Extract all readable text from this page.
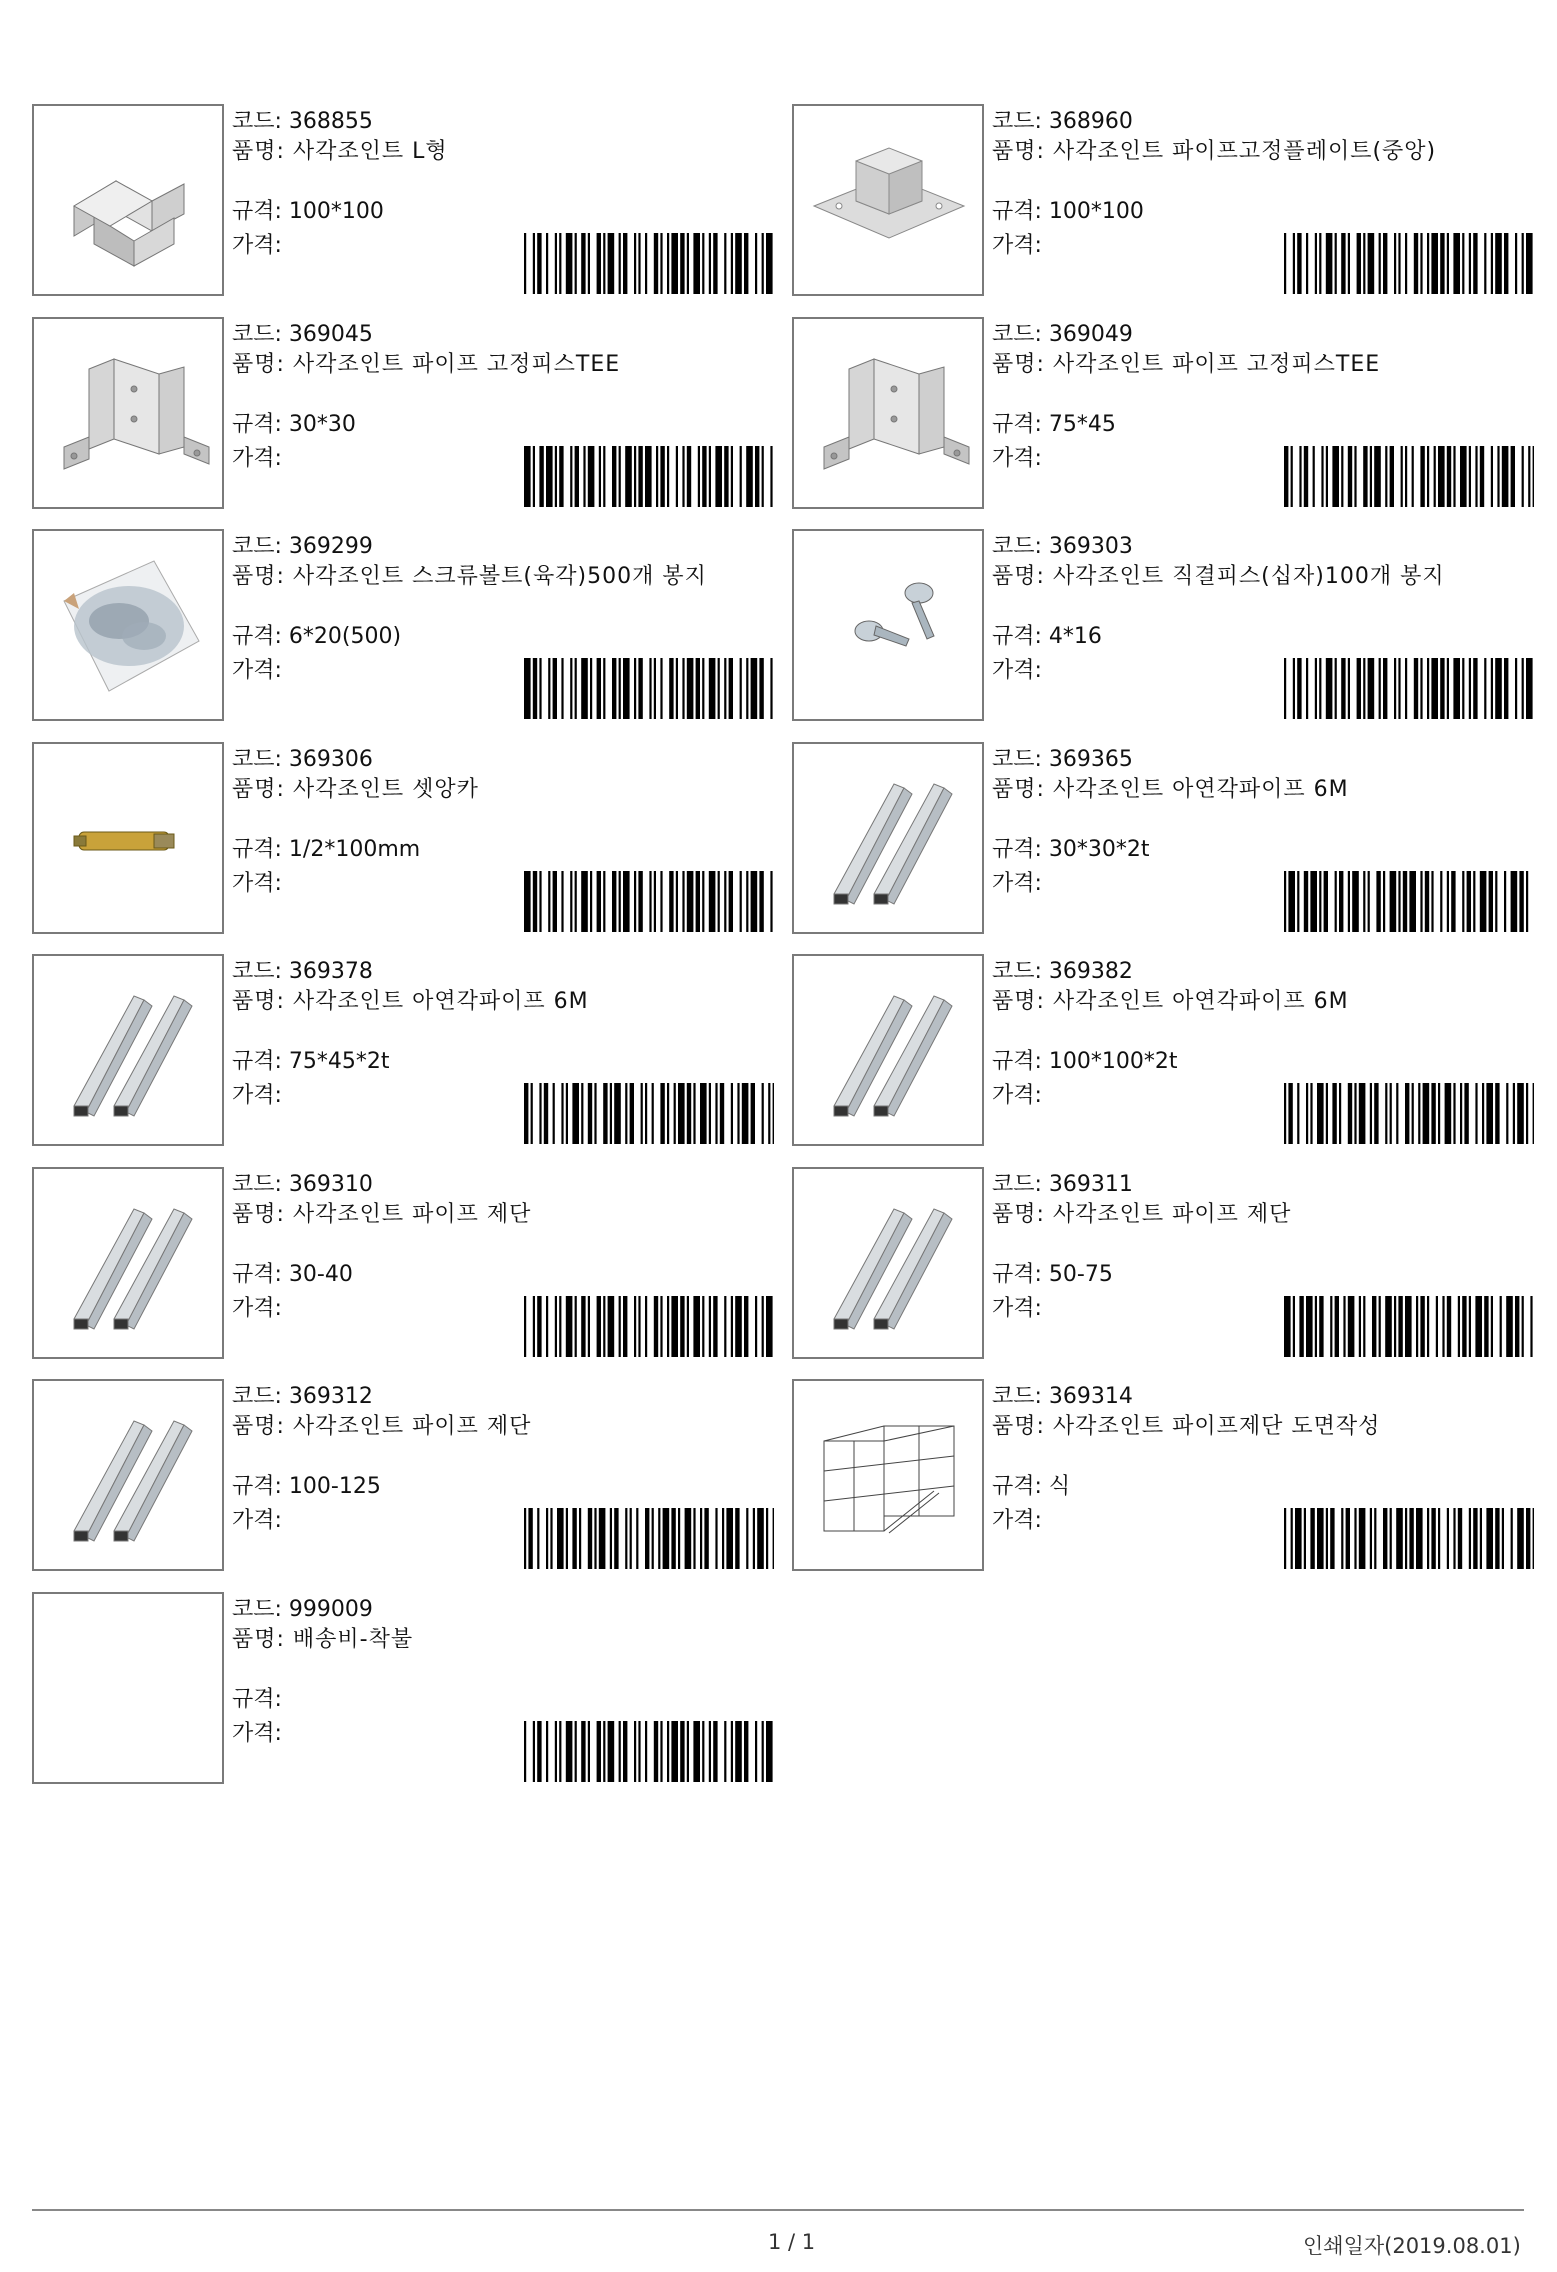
코드: 368855
품명: 사각조인트 L형
규격: 100*100
가격:
코드: 368960
품명: 사각조인트 파이프고정플레이트(중앙)
규격: 100*100
가격:
코드: 369045
품명: 사각조인트 파이프 고정피스TEE
규격: 30*30
가격:
코드: 369049
품명: 사각조인트 파이프 고정피스TEE
규격: 75*45
가격:
코드: 369299
품명: 사각조인트 스크류볼트(육각)500개 봉지
규격: 6*20(500)
가격:
코드: 369303
품명: 사각조인트 직결피스(십자)100개 봉지
규격: 4*16
가격:
코드: 369306
품명: 사각조인트 셋앙카
규격: 1/2*100mm
가격:
코드: 369365
품명: 사각조인트 아연각파이프 6M
규격: 30*30*2t
가격:
코드: 369378
품명: 사각조인트 아연각파이프 6M
규격: 75*45*2t
가격:
코드: 369382
품명: 사각조인트 아연각파이프 6M
규격: 100*100*2t
가격:
코드: 369310
품명: 사각조인트 파이프 제단
규격: 30-40
가격:
코드: 369311
품명: 사각조인트 파이프 제단
규격: 50-75
가격:
코드: 369312
품명: 사각조인트 파이프 제단
규격: 100-125
가격:
코드: 369314
품명: 사각조인트 파이프제단 도면작성
규격: 식
가격:
코드: 999009
품명: 배송비-착불
규격:
가격:
1 / 1	인쇄일자(2019.08.01)
